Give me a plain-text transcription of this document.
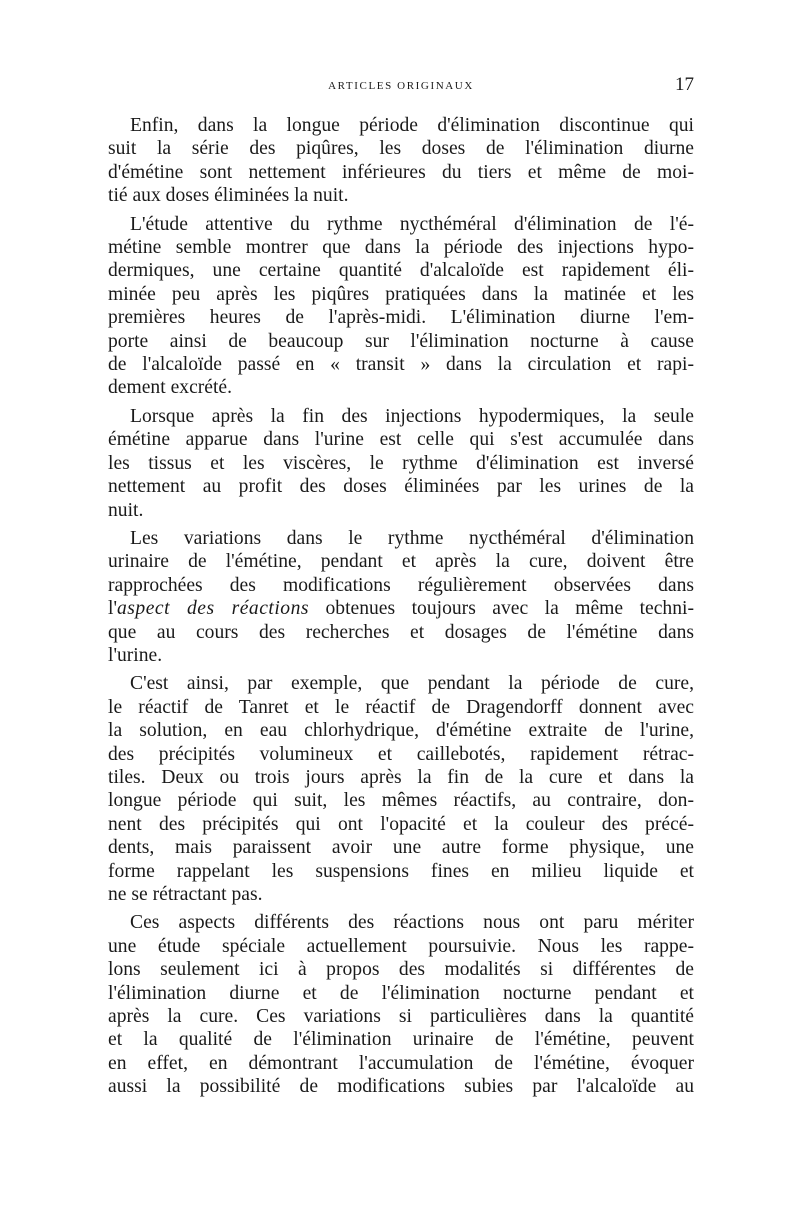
ARTICLES ORIGINAUX	17

Enfin, dans la longue période d'élimination discontinue qui
suit la série des piqûres, les doses de l'élimination diurne
d'émétine sont nettement inférieures du tiers et même de moi-
tié aux doses éliminées la nuit.

L'étude attentive du rythme nycthéméral d'élimination de l'é-
métine semble montrer que dans la période des injections hypo-
dermiques, une certaine quantité d'alcaloïde est rapidement éli-
minée peu après les piqûres pratiquées dans la matinée et les
premières heures de l'après-midi. L'élimination diurne l'em-
porte ainsi de beaucoup sur l'élimination nocturne à cause
de l'alcaloïde passé en « transit » dans la circulation et rapi-
dement excrété.

Lorsque après la fin des injections hypodermiques, la seule
émétine apparue dans l'urine est celle qui s'est accumulée dans
les tissus et les viscères, le rythme d'élimination est inversé
nettement au profit des doses éliminées par les urines de la
nuit.

Les variations dans le rythme nycthéméral d'élimination
urinaire de l'émétine, pendant et après la cure, doivent être
rapprochées des modifications régulièrement observées dans
l'aspect des réactions obtenues toujours avec la même techni-
que au cours des recherches et dosages de l'émétine dans
l'urine.

C'est ainsi, par exemple, que pendant la période de cure,
le réactif de Tanret et le réactif de Dragendorff donnent avec
la solution, en eau chlorhydrique, d'émétine extraite de l'urine,
des précipités volumineux et caillebotés, rapidement rétrac-
tiles. Deux ou trois jours après la fin de la cure et dans la
longue période qui suit, les mêmes réactifs, au contraire, don-
nent des précipités qui ont l'opacité et la couleur des précé-
dents, mais paraissent avoir une autre forme physique, une
forme rappelant les suspensions fines en milieu liquide et
ne se rétractant pas.

Ces aspects différents des réactions nous ont paru mériter
une étude spéciale actuellement poursuivie. Nous les rappe-
lons seulement ici à propos des modalités si différentes de
l'élimination diurne et de l'élimination nocturne pendant et
après la cure. Ces variations si particulières dans la quantité
et la qualité de l'élimination urinaire de l'émétine, peuvent
en effet, en démontrant l'accumulation de l'émétine, évoquer
aussi la possibilité de modifications subies par l'alcaloïde au
